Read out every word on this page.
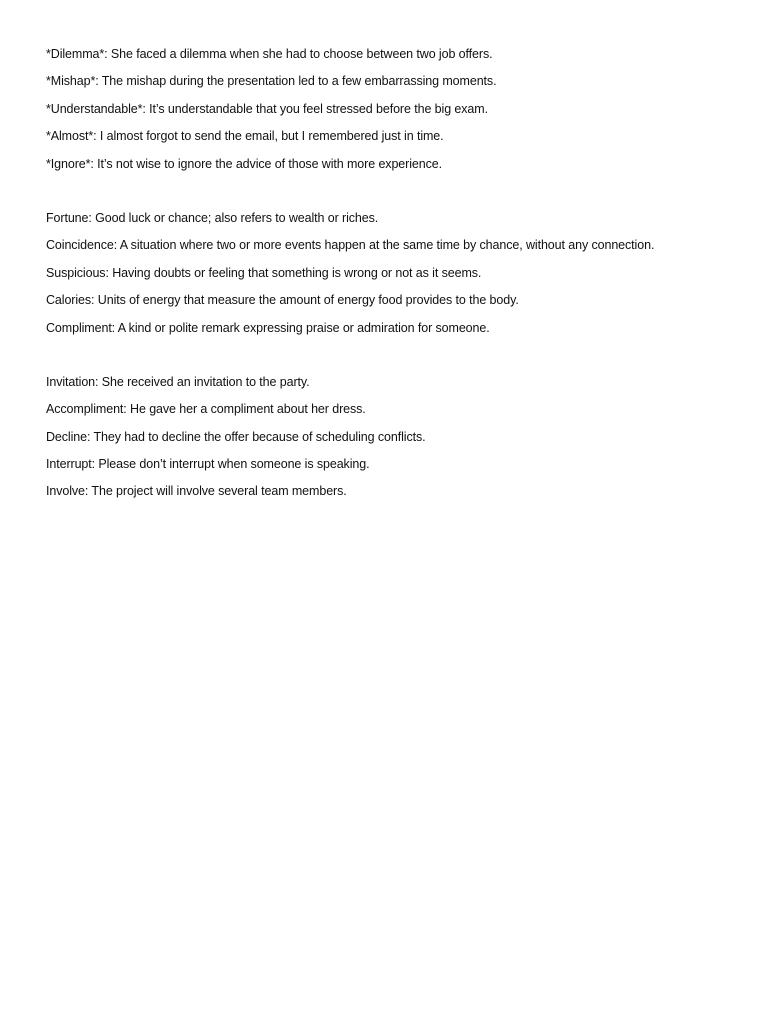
*Dilemma*: She faced a dilemma when she had to choose between two job offers.
*Mishap*: The mishap during the presentation led to a few embarrassing moments.
*Understandable*: It’s understandable that you feel stressed before the big exam.
*Almost*: I almost forgot to send the email, but I remembered just in time.
*Ignore*: It’s not wise to ignore the advice of those with more experience.
Fortune: Good luck or chance; also refers to wealth or riches.
Coincidence: A situation where two or more events happen at the same time by chance, without any connection.
Suspicious: Having doubts or feeling that something is wrong or not as it seems.
Calories: Units of energy that measure the amount of energy food provides to the body.
Compliment: A kind or polite remark expressing praise or admiration for someone.
Invitation: She received an invitation to the party.
Accompliment: He gave her a compliment about her dress.
Decline: They had to decline the offer because of scheduling conflicts.
Interrupt: Please don’t interrupt when someone is speaking.
Involve: The project will involve several team members.
